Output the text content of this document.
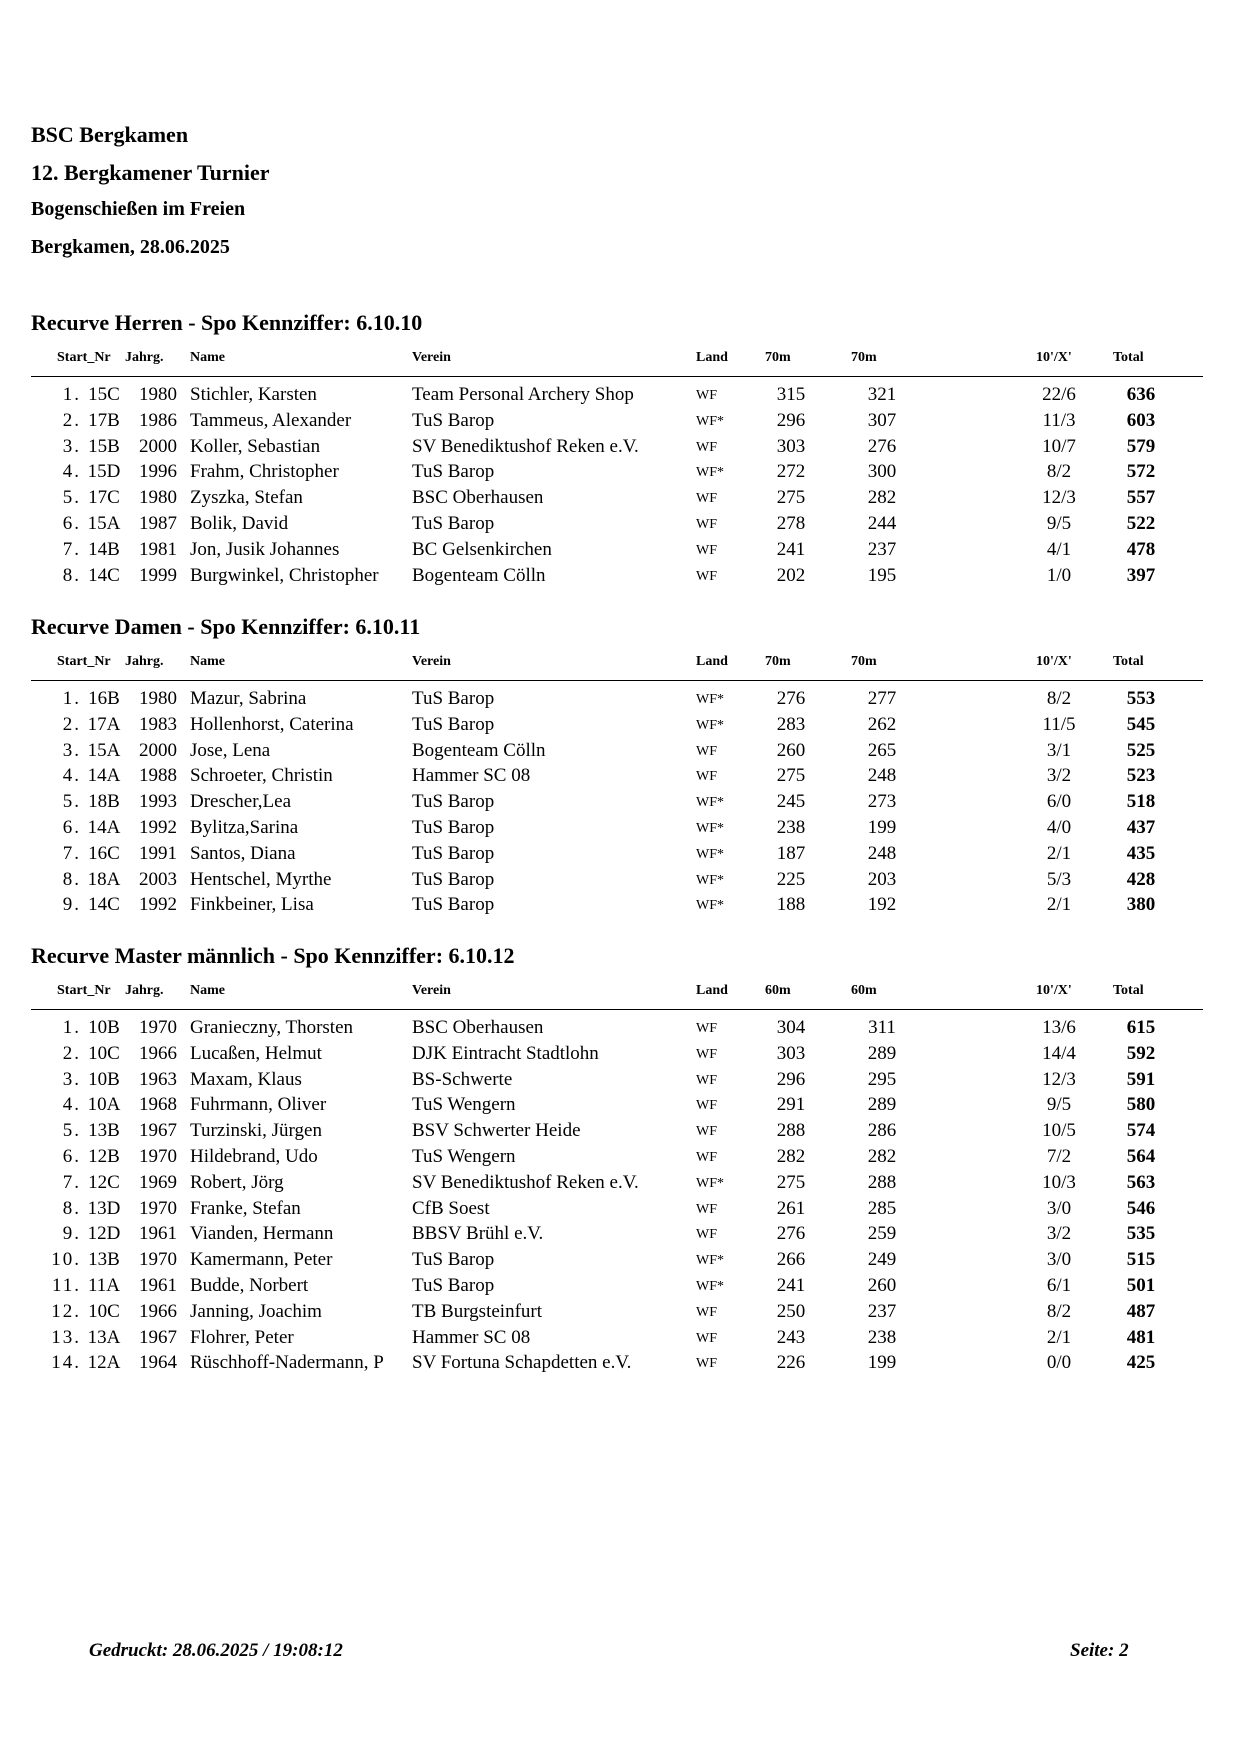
BSC Bergkamen
12. Bergkamener Turnier
Bogenschießen im Freien
Bergkamen, 28.06.2025
Recurve Herren - Spo Kennziffer: 6.10.10
Start_Nr	Jahrg. Name	Verein	Land	70m	70m	10'/X'	Total
1. 15C 1980 Stichler, Karsten	Team Personal Archery Shop	WF	315	321	22/6	636
2. 17B 1986 Tammeus, Alexander	TuS Barop	WF*	296	307	11/3	603
3. 15B 2000 Koller, Sebastian	SV Benediktushof Reken e.V.	WF	303	276	10/7	579
4. 15D 1996 Frahm, Christopher	TuS Barop	WF*	272	300	8/2	572
5. 17C 1980 Zyszka, Stefan	BSC Oberhausen	WF	275	282	12/3	557
6. 15A 1987 Bolik, David	TuS Barop	WF	278	244	9/5	522
7. 14B 1981 Jon, Jusik Johannes	BC Gelsenkirchen	WF	241	237	4/1	478
8. 14C 1999 Burgwinkel, Christopher	Bogenteam Cölln	WF	202	195	1/0	397
Recurve Damen - Spo Kennziffer: 6.10.11
Start_Nr	Jahrg. Name	Verein	Land	70m	70m	10'/X'	Total
1. 16B 1980 Mazur, Sabrina	TuS Barop	WF*	276	277	8/2	553
2. 17A 1983 Hollenhorst, Caterina	TuS Barop	WF*	283	262	11/5	545
3. 15A 2000 Jose, Lena	Bogenteam Cölln	WF	260	265	3/1	525
4. 14A 1988 Schroeter, Christin	Hammer SC 08	WF	275	248	3/2	523
5. 18B 1993 Drescher,Lea	TuS Barop	WF*	245	273	6/0	518
6. 14A 1992 Bylitza,Sarina	TuS Barop	WF*	238	199	4/0	437
7. 16C 1991 Santos, Diana	TuS Barop	WF*	187	248	2/1	435
8. 18A 2003 Hentschel, Myrthe	TuS Barop	WF*	225	203	5/3	428
9. 14C 1992 Finkbeiner, Lisa	TuS Barop	WF*	188	192	2/1	380
Recurve Master männlich - Spo Kennziffer: 6.10.12
Start_Nr	Jahrg. Name	Verein	Land	60m	60m	10'/X'	Total
1. 10B 1970 Granieczny, Thorsten	BSC Oberhausen	WF	304	311	13/6	615
2. 10C 1966 Lucaßen, Helmut	DJK Eintracht Stadtlohn	WF	303	289	14/4	592
3. 10B 1963 Maxam, Klaus	BS-Schwerte	WF	296	295	12/3	591
4. 10A 1968 Fuhrmann, Oliver	TuS Wengern	WF	291	289	9/5	580
5. 13B 1967 Turzinski, Jürgen	BSV Schwerter Heide	WF	288	286	10/5	574
6. 12B 1970 Hildebrand, Udo	TuS Wengern	WF	282	282	7/2	564
7. 12C 1969 Robert, Jörg	SV Benediktushof Reken e.V.	WF*	275	288	10/3	563
8. 13D 1970 Franke, Stefan	CfB Soest	WF	261	285	3/0	546
9. 12D 1961 Vianden, Hermann	BBSV Brühl e.V.	WF	276	259	3/2	535
10. 13B 1970 Kamermann, Peter	TuS Barop	WF*	266	249	3/0	515
11. 11A 1961 Budde, Norbert	TuS Barop	WF*	241	260	6/1	501
12. 10C 1966 Janning, Joachim	TB Burgsteinfurt	WF	250	237	8/2	487
13. 13A 1967 Flohrer, Peter	Hammer SC 08	WF	243	238	2/1	481
14. 12A 1964 Rüschhoff-Nadermann, P	SV Fortuna Schapdetten e.V.	WF	226	199	0/0	425
Gedruckt: 28.06.2025 / 19:08:12	Seite: 2
